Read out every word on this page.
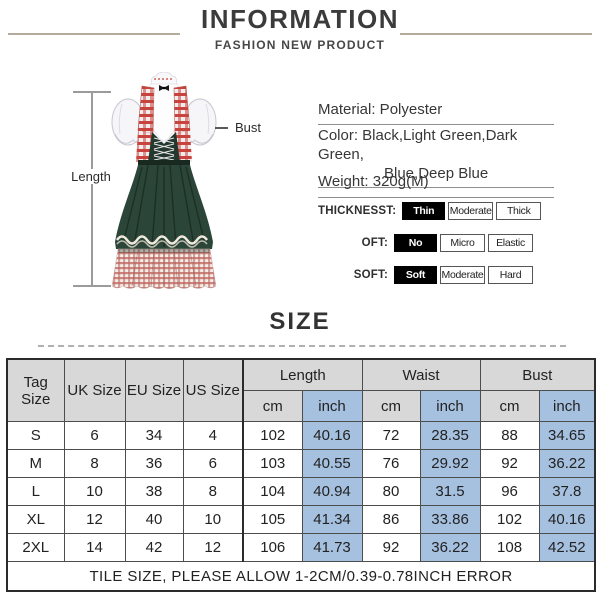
INFORMATION
FASHION NEW PRODUCT
Length
Bust
Material: Polyester
Color: Black,Light Green,Dark Green,
Blue,Deep Blue
Weight: 320g(M)
THICKNESST:	Thin	Moderate	Thick
OFT:	No	Micro	Elastic
SOFT:	Soft	Moderate	Hard
SIZE
Tag Size	UK Size	EU Size	US Size	Length		Waist		Bust	
				cm	inch	cm	inch	cm	inch
S	6	34	4	102	40.16	72	28.35	88	34.65
M	8	36	6	103	40.55	76	29.92	92	36.22
L	10	38	8	104	40.94	80	31.5	96	37.8
XL	12	40	10	105	41.34	86	33.86	102	40.16
2XL	14	42	12	106	41.73	92	36.22	108	42.52
TILE SIZE, PLEASE ALLOW 1-2CM/0.39-0.78INCH ERROR									
